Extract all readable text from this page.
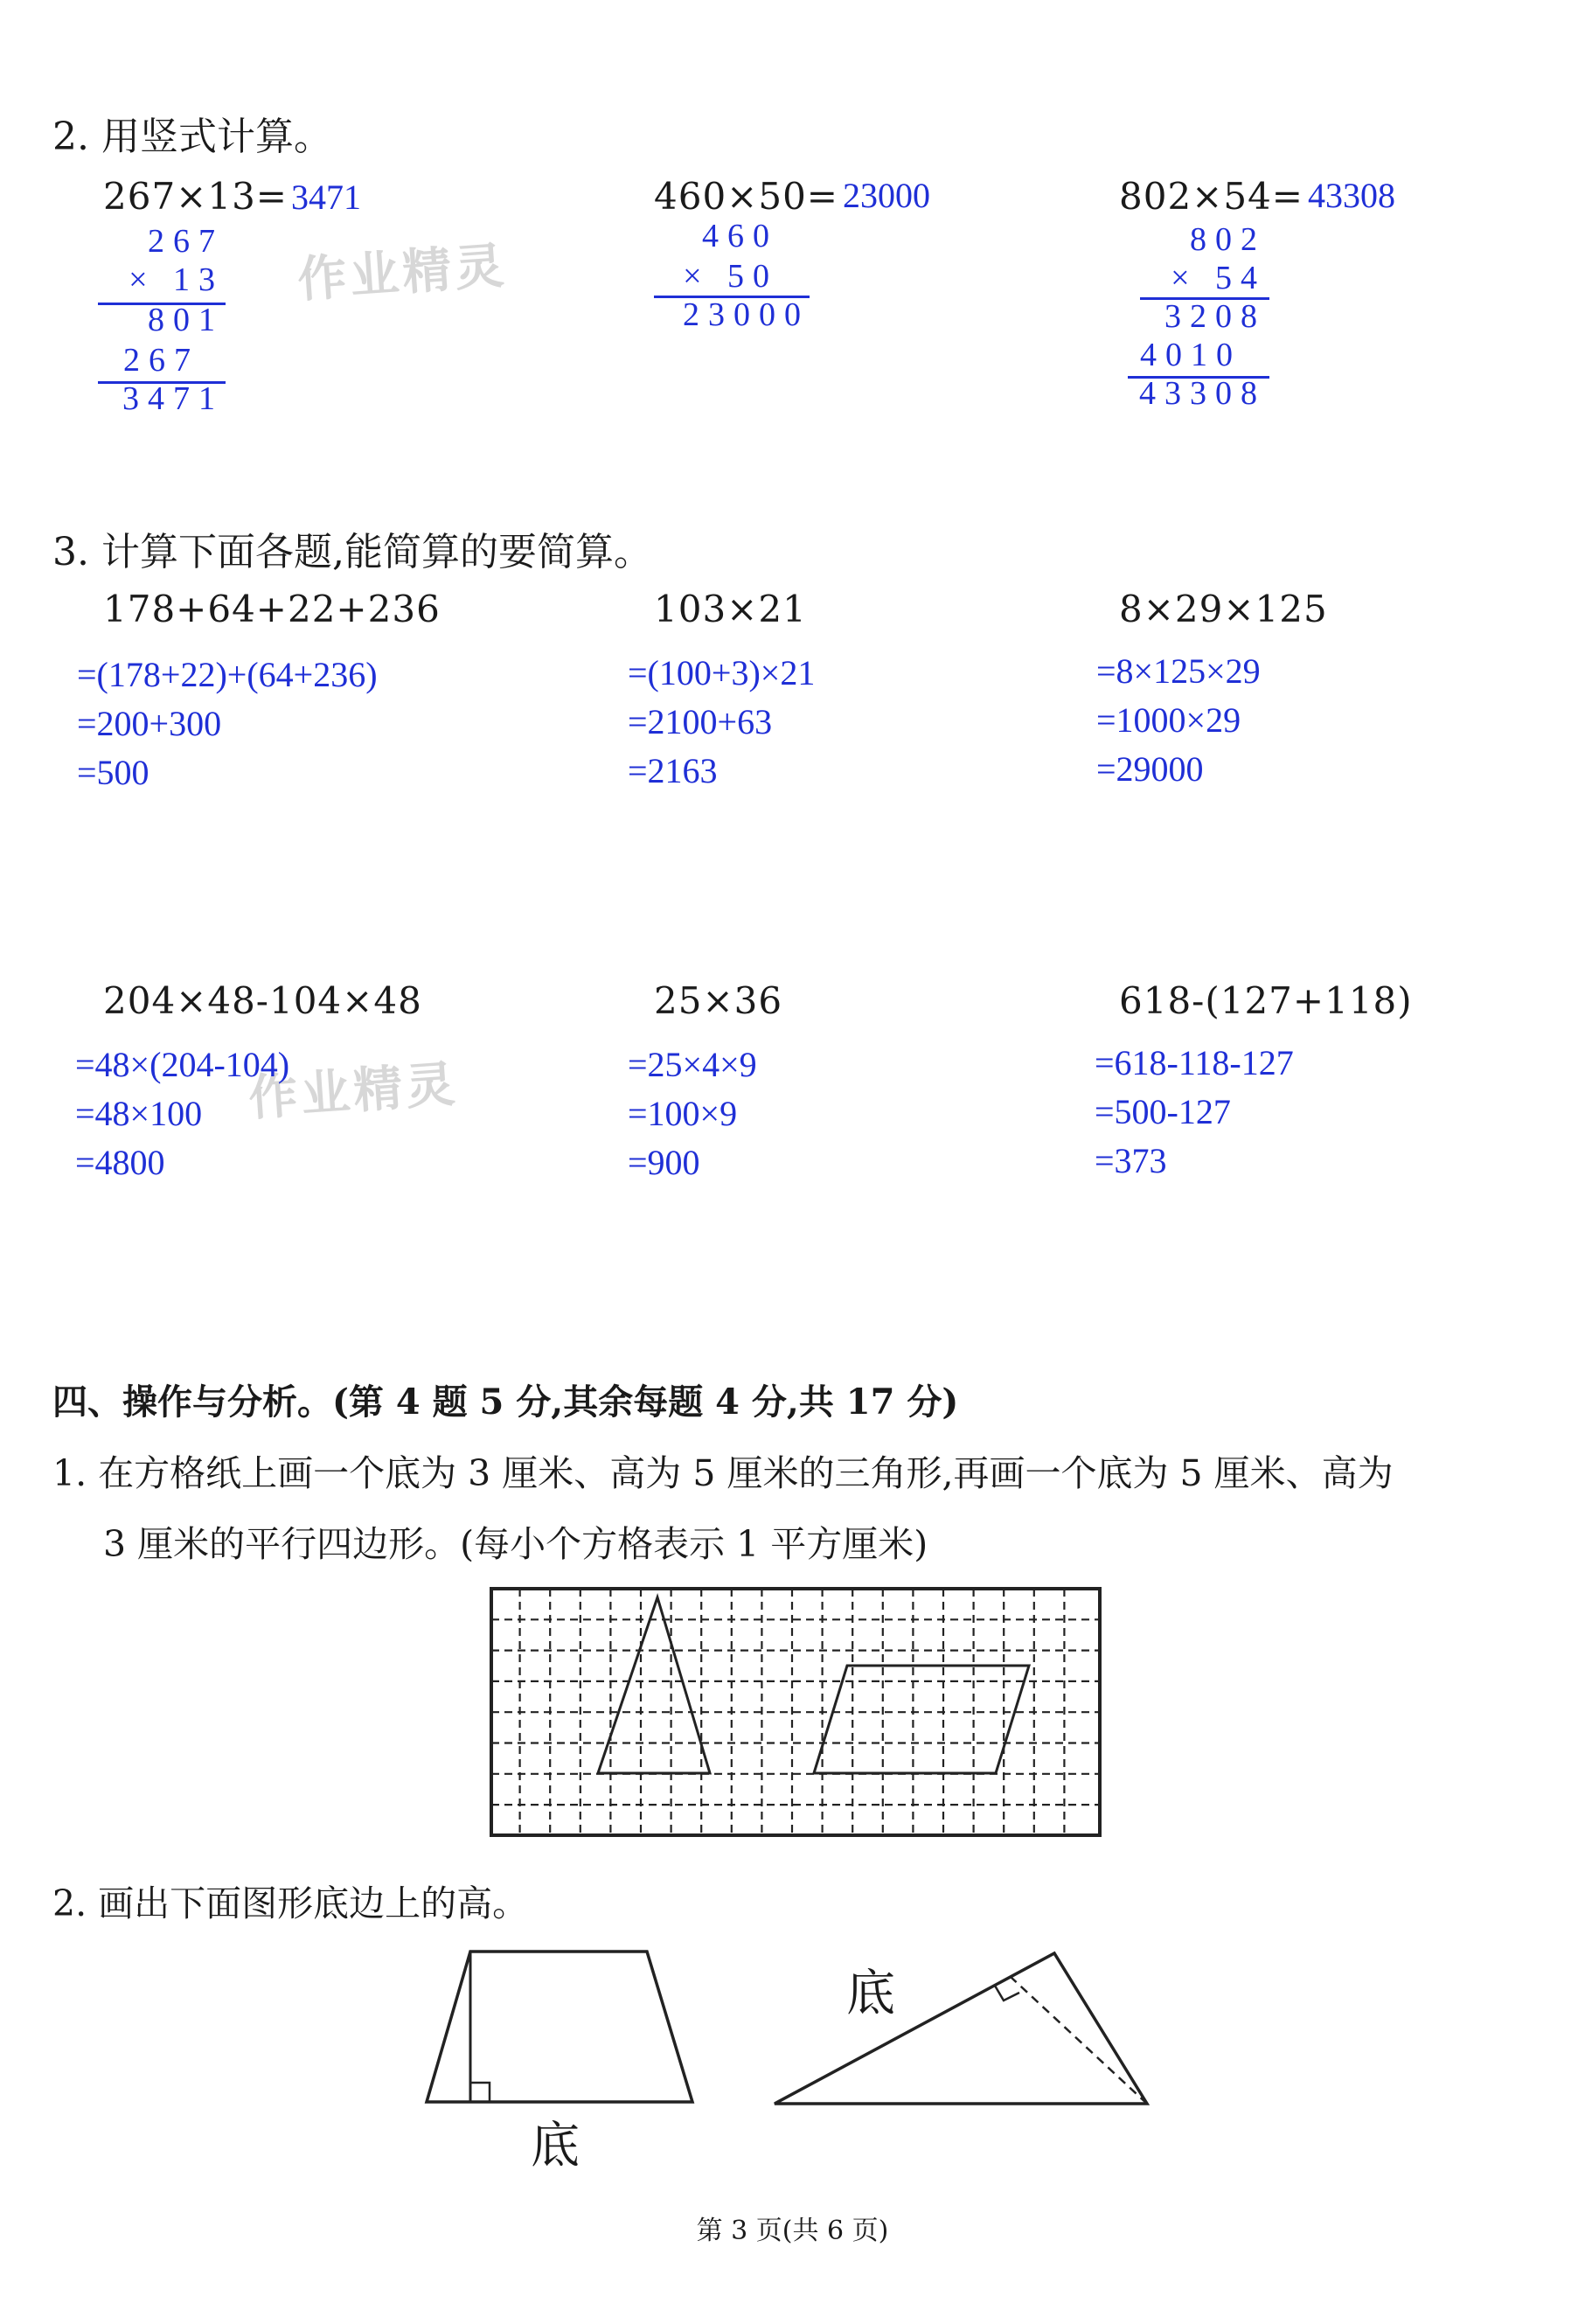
2. 用竖式计算。
267×13= 3471
267
× 13
801
267
3471
460×50= 23000
460
× 50
23000
802×54= 43308
802
× 54
3208
4010
43308
作业精灵
作业精灵
3. 计算下面各题,能简算的要简算。
178+64+22+236
=(178+22)+(64+236)
=200+300
=500
103×21
=(100+3)×21
=2100+63
=2163
8×29×125
=8×125×29
=1000×29
=29000
204×48-104×48
=48×(204-104)
=48×100
=4800
25×36
=25×4×9
=100×9
=900
618-(127+118)
=618-118-127
=500-127
=373
四、操作与分析。(第 4 题 5 分,其余每题 4 分,共 17 分)
1. 在方格纸上画一个底为 3 厘米、高为 5 厘米的三角形,再画一个底为 5 厘米、高为
3 厘米的平行四边形。(每小个方格表示 1 平方厘米)
2. 画出下面图形底边上的高。
底
底
第 3 页(共 6 页)
